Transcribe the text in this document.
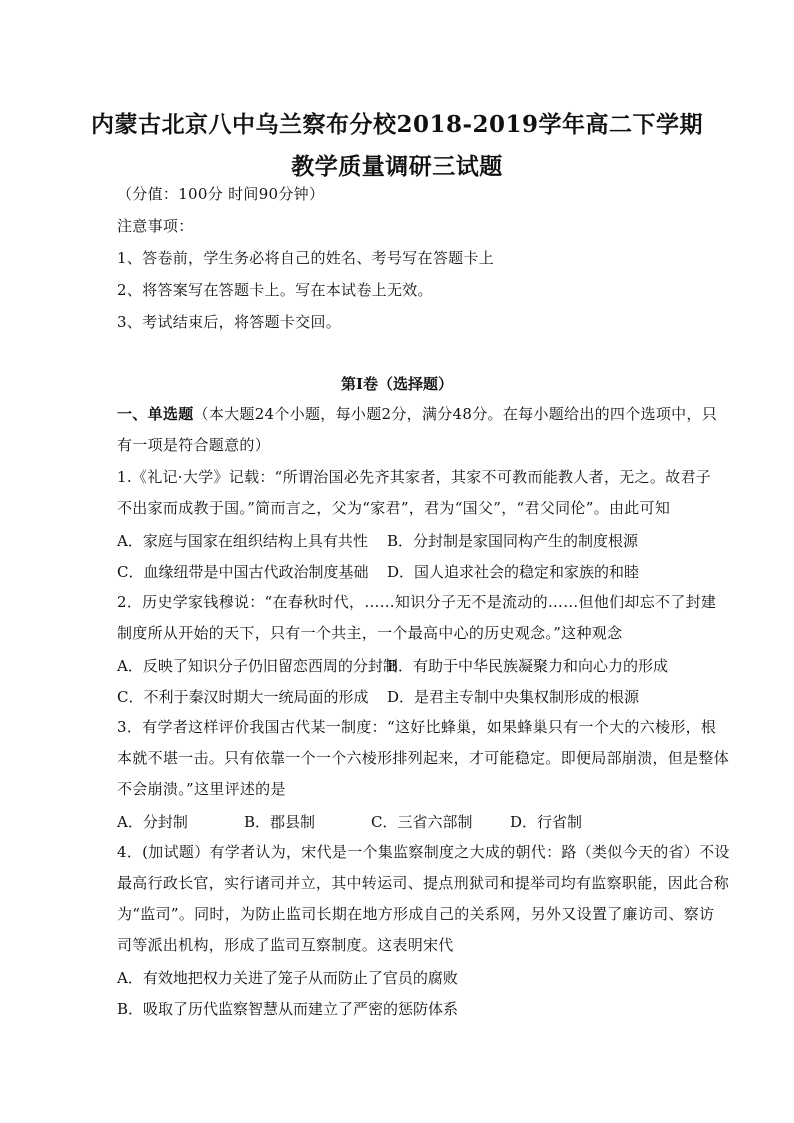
内蒙古北京八中乌兰察布分校2018-2019学年高二下学期
教学质量调研三试题
（分值：100分 时间90分钟）
注意事项：
1、答卷前，学生务必将自己的姓名、考号写在答题卡上
2、将答案写在答题卡上。写在本试卷上无效。
3、考试结束后，将答题卡交回。
第Ⅰ卷（选择题）
一、单选题（本大题24个小题，每小题2分，满分48分。在每小题给出的四个选项中，只
有一项是符合题意的）
1.《礼记·大学》记载：“所谓治国必先齐其家者，其家不可教而能教人者，无之。故君子
不出家而成教于国。”简而言之，父为“家君”，君为“国父”，“君父同伦”。由此可知
A．家庭与国家在组织结构上具有共性 B．分封制是家国同构产生的制度根源
C．血缘纽带是中国古代政治制度基础 D．国人追求社会的稳定和家族的和睦
2．历史学家钱穆说：“在春秋时代，……知识分子无不是流动的……但他们却忘不了封建
制度所从开始的天下，只有一个共主，一个最高中心的历史观念。”这种观念
A．反映了知识分子仍旧留恋西周的分封制
B．有助于中华民族凝聚力和向心力的形成
C．不利于秦汉时期大一统局面的形成 D．是君主专制中央集权制形成的根源
3．有学者这样评价我国古代某一制度：“这好比蜂巢，如果蜂巢只有一个大的六棱形，根
本就不堪一击。只有依靠一个一个六棱形排列起来，才可能稳定。即便局部崩溃，但是整体
不会崩溃。”这里评述的是
A．分封制	B．郡县制	C．三省六部制	D．行省制
4．(加试题）有学者认为，宋代是一个集监察制度之大成的朝代：路（类似今天的省）不设
最高行政长官，实行诸司并立，其中转运司、提点刑狱司和提举司均有监察职能，因此合称
为“监司”。同时，为防止监司长期在地方形成自己的关系网，另外又设置了廉访司、察访
司等派出机构，形成了监司互察制度。这表明宋代
A．有效地把权力关进了笼子从而防止了官员的腐败
B．吸取了历代监察智慧从而建立了严密的惩防体系
